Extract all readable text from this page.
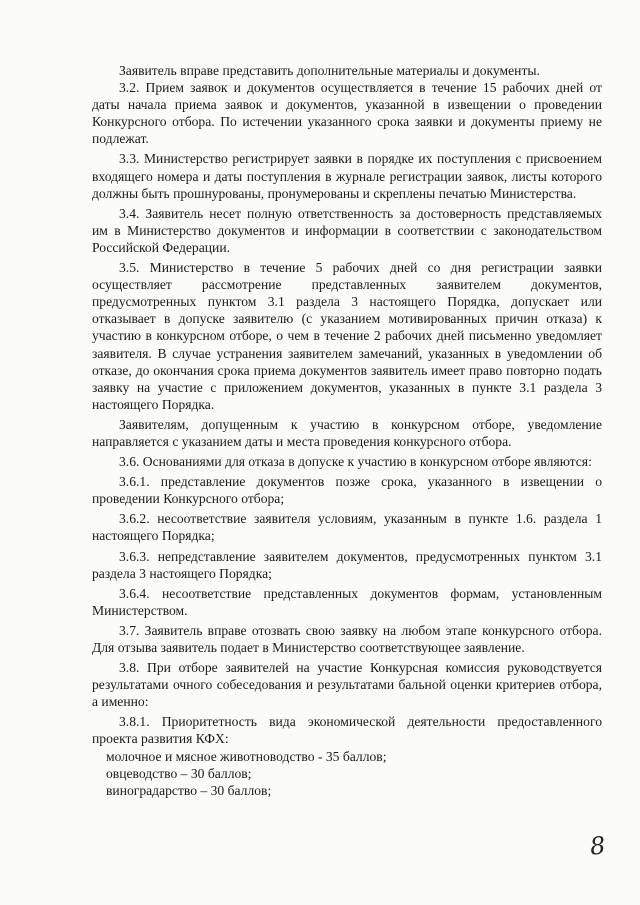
Заявитель вправе представить дополнительные материалы и документы.

3.2. Прием заявок и документов осуществляется в течение 15 рабочих дней от даты начала приема заявок и документов, указанной в извещении о проведении Конкурсного отбора. По истечении указанного срока заявки и документы приему не подлежат.

3.3. Министерство регистрирует заявки в порядке их поступления с присвоением входящего номера и даты поступления в журнале регистрации заявок, листы которого должны быть прошнурованы, пронумерованы и скреплены печатью Министерства.

3.4. Заявитель несет полную ответственность за достоверность представляемых им в Министерство документов и информации в соответствии с законодательством Российской Федерации.

3.5. Министерство в течение 5 рабочих дней со дня регистрации заявки осуществляет рассмотрение представленных заявителем документов, предусмотренных пунктом 3.1 раздела 3 настоящего Порядка, допускает или отказывает в допуске заявителю (с указанием мотивированных причин отказа) к участию в конкурсном отборе, о чем в течение 2 рабочих дней письменно уведомляет заявителя. В случае устранения заявителем замечаний, указанных в уведомлении об отказе, до окончания срока приема документов заявитель имеет право повторно подать заявку на участие с приложением документов, указанных в пункте 3.1 раздела 3 настоящего Порядка.

Заявителям, допущенным к участию в конкурсном отборе, уведомление направляется с указанием даты и места проведения конкурсного отбора.

3.6. Основаниями для отказа в допуске к участию в конкурсном отборе являются:

3.6.1. представление документов позже срока, указанного в извещении о проведении Конкурсного отбора;

3.6.2. несоответствие заявителя условиям, указанным в пункте 1.6. раздела 1 настоящего Порядка;

3.6.3. непредставление заявителем документов, предусмотренных пунктом 3.1 раздела 3 настоящего Порядка;

3.6.4. несоответствие представленных документов формам, установленным Министерством.

3.7. Заявитель вправе отозвать свою заявку на любом этапе конкурсного отбора. Для отзыва заявитель подает в Министерство соответствующее заявление.

3.8. При отборе заявителей на участие Конкурсная комиссия руководствуется результатами очного собеседования и результатами бальной оценки критериев отбора, а именно:

3.8.1. Приоритетность вида экономической деятельности предоставленного проекта развития КФХ:

молочное и мясное животноводство - 35 баллов;
овцеводство – 30 баллов;
виноградарство – 30 баллов;
8
